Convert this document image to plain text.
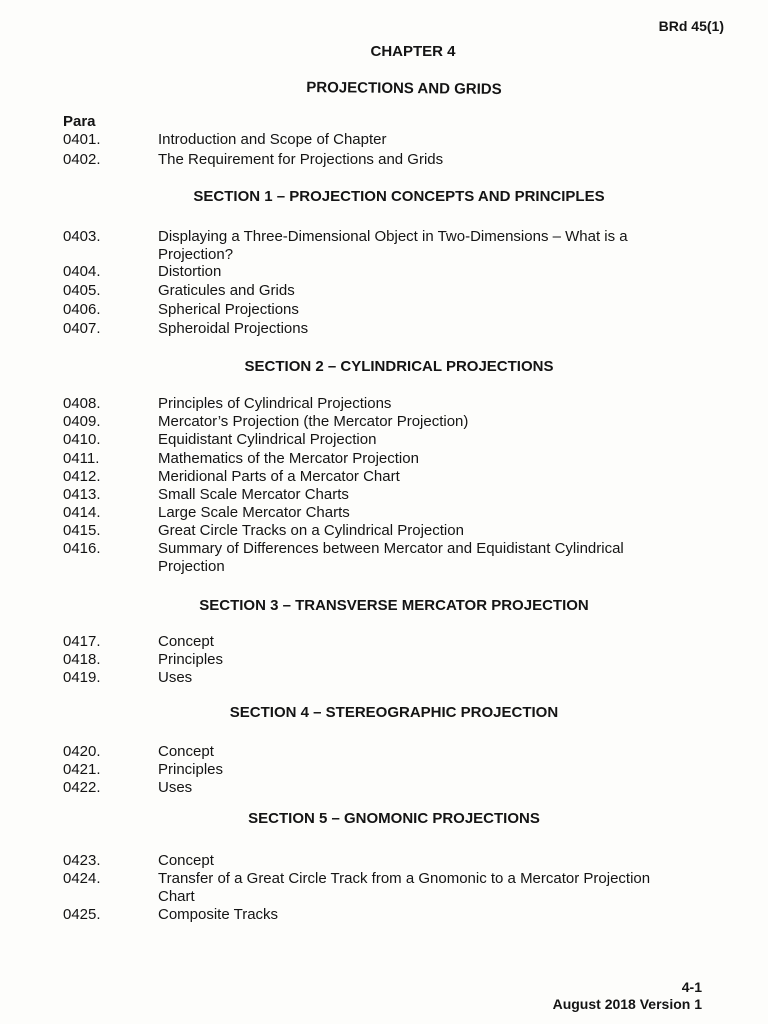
BRd 45(1)
CHAPTER 4
PROJECTIONS AND GRIDS
Para
0401.	Introduction and Scope of Chapter
0402.	The Requirement for Projections and Grids
SECTION 1 – PROJECTION CONCEPTS AND PRINCIPLES
0403.	Displaying a Three-Dimensional Object in Two-Dimensions – What is a Projection?
0404.	Distortion
0405.	Graticules and Grids
0406.	Spherical Projections
0407.	Spheroidal Projections
SECTION 2 – CYLINDRICAL PROJECTIONS
0408.	Principles of Cylindrical Projections
0409.	Mercator’s Projection (the Mercator Projection)
0410.	Equidistant Cylindrical Projection
0411.	Mathematics of the Mercator Projection
0412.	Meridional Parts of a Mercator Chart
0413.	Small Scale Mercator Charts
0414.	Large Scale Mercator Charts
0415.	Great Circle Tracks on a Cylindrical Projection
0416.	Summary of Differences between Mercator and Equidistant Cylindrical Projection
SECTION 3 – TRANSVERSE MERCATOR PROJECTION
0417.	Concept
0418.	Principles
0419.	Uses
SECTION 4 – STEREOGRAPHIC PROJECTION
0420.	Concept
0421.	Principles
0422.	Uses
SECTION 5 – GNOMONIC PROJECTIONS
0423.	Concept
0424.	Transfer of a Great Circle Track from a Gnomonic to a Mercator Projection Chart
0425.	Composite Tracks
4-1
August 2018 Version 1
